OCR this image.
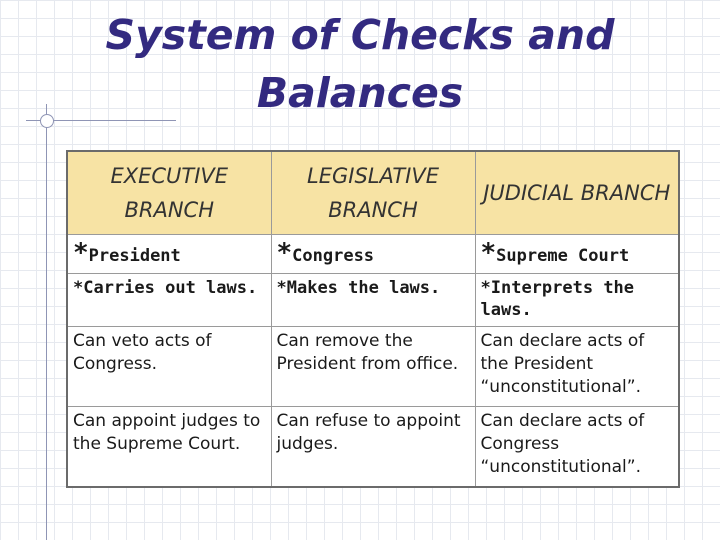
System of Checks and Balances
EXECUTIVE BRANCH	LEGISLATIVE BRANCH	JUDICIAL BRANCH
*President	*Congress	*Supreme Court
*Carries out laws.	*Makes the laws.	*Interprets the laws.
Can veto acts of Congress.	Can remove the President from office.	Can declare acts of the President “unconstitutional”.
Can appoint judges to the Supreme Court.	Can refuse to appoint judges.	Can declare acts of Congress “unconstitutional”.
